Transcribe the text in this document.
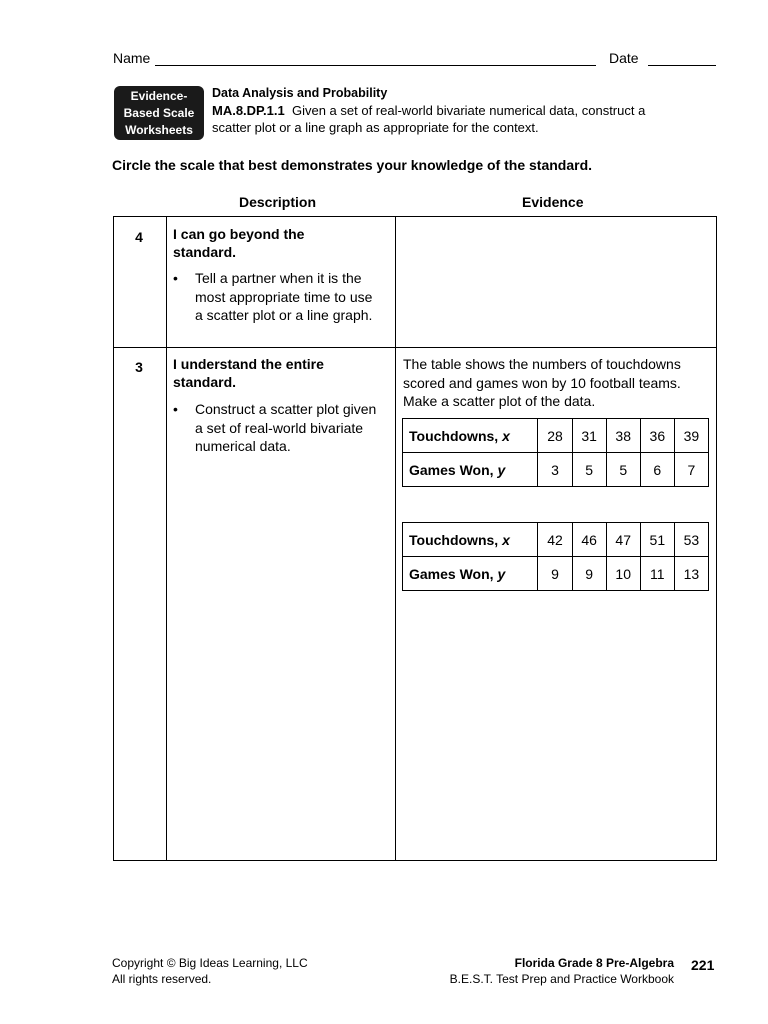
Name	Date
Evidence-
Based Scale
Worksheets
Data Analysis and Probability
MA.8.DP.1.1 Given a set of real-world bivariate numerical data, construct a
scatter plot or a line graph as appropriate for the context.
Circle the scale that best demonstrates your knowledge of the standard.
Description	Evidence
4	I can go beyond the
standard.
•	Tell a partner when it is the most appropriate time to use a scatter plot or a line graph.
3	I understand the entire
standard.
•	Construct a scatter plot given a set of real-world bivariate numerical data.
The table shows the numbers of touchdowns scored and games won by 10 football teams. Make a scatter plot of the data.
Touchdowns, x	28	31	38	36	39
Games Won, y	3	5	5	6	7
Touchdowns, x	42	46	47	51	53
Games Won, y	9	9	10	11	13
Copyright © Big Ideas Learning, LLC
All rights reserved.
Florida Grade 8 Pre-Algebra
B.E.S.T. Test Prep and Practice Workbook
221
